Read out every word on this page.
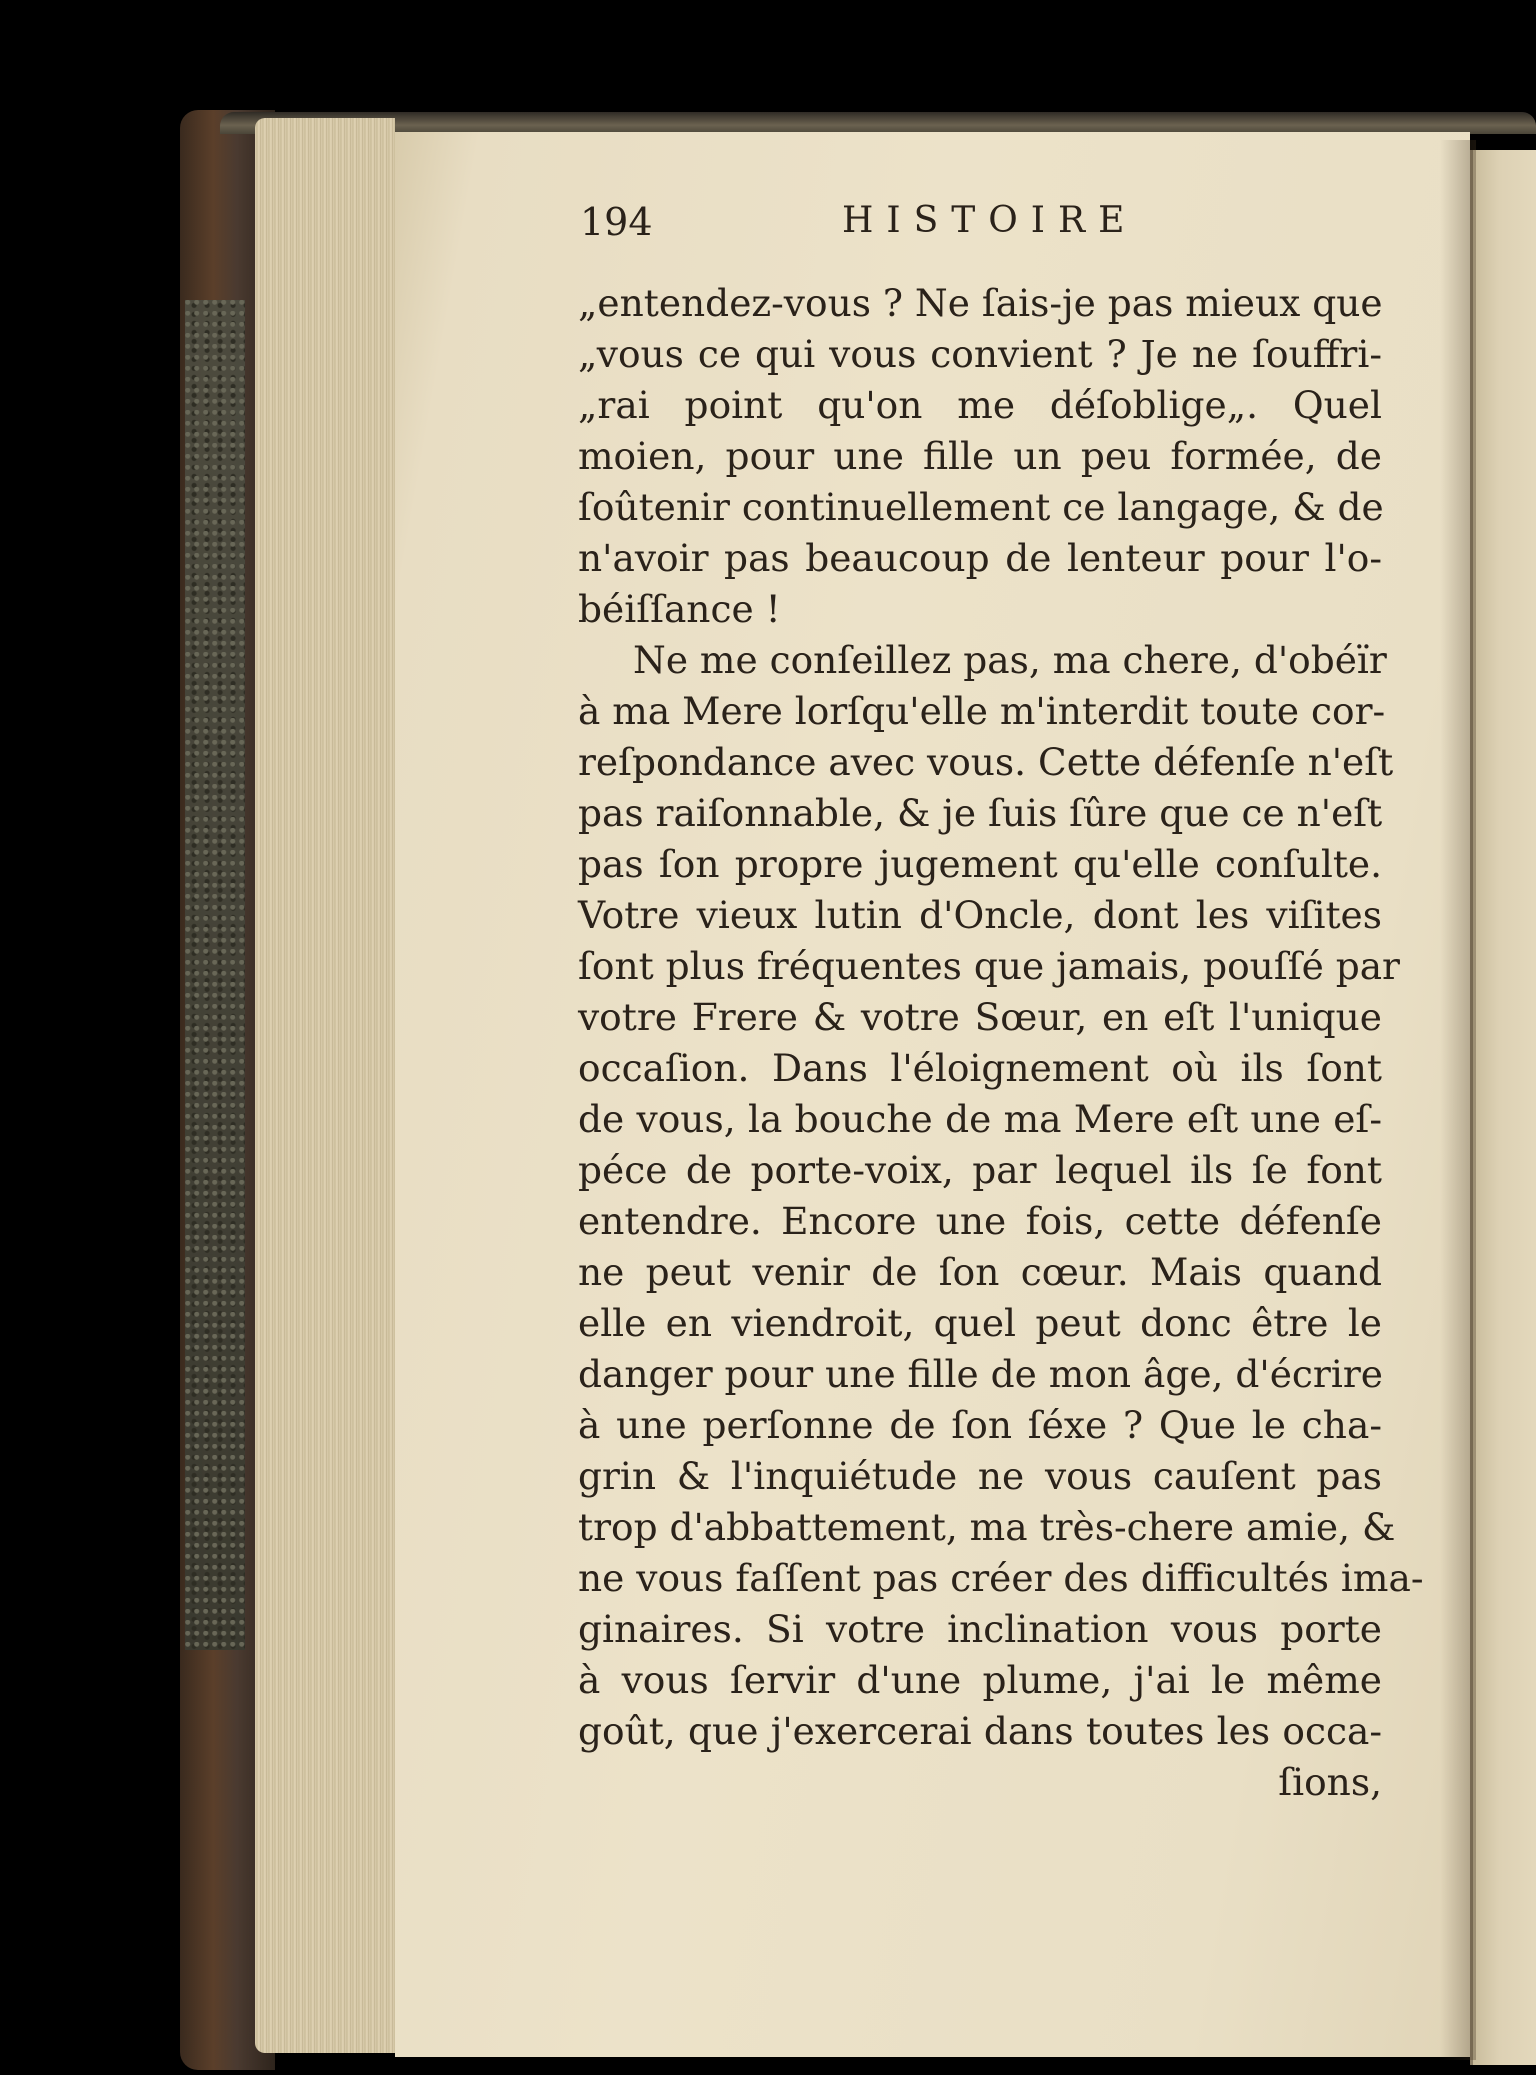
194	HISTOIRE
„entendez-vous ? Ne ſais-je pas mieux que
„vous ce qui vous convient ? Je ne ſouffri-
„rai point qu'on me déſoblige„. Quel
moien, pour une fille un peu formée, de
ſoûtenir continuellement ce langage, & de
n'avoir pas beaucoup de lenteur pour l'o-
béiſſance !
Ne me conſeillez pas, ma chere, d'obéïr
à ma Mere lorſqu'elle m'interdit toute cor-
reſpondance avec vous. Cette défenſe n'eſt
pas raiſonnable, & je ſuis ſûre que ce n'eſt
pas ſon propre jugement qu'elle conſulte.
Votre vieux lutin d'Oncle, dont les viſites
ſont plus fréquentes que jamais, pouſſé par
votre Frere & votre Sœur, en eſt l'unique
occaſion. Dans l'éloignement où ils ſont
de vous, la bouche de ma Mere eſt une eſ-
péce de porte-voix, par lequel ils ſe font
entendre. Encore une fois, cette défenſe
ne peut venir de ſon cœur. Mais quand
elle en viendroit, quel peut donc être le
danger pour une fille de mon âge, d'écrire
à une perſonne de ſon ſéxe ? Que le cha-
grin & l'inquiétude ne vous cauſent pas
trop d'abbattement, ma très-chere amie, &
ne vous faſſent pas créer des difficultés ima-
ginaires. Si votre inclination vous porte
à vous ſervir d'une plume, j'ai le même
goût, que j'exercerai dans toutes les occa-
ſions,
